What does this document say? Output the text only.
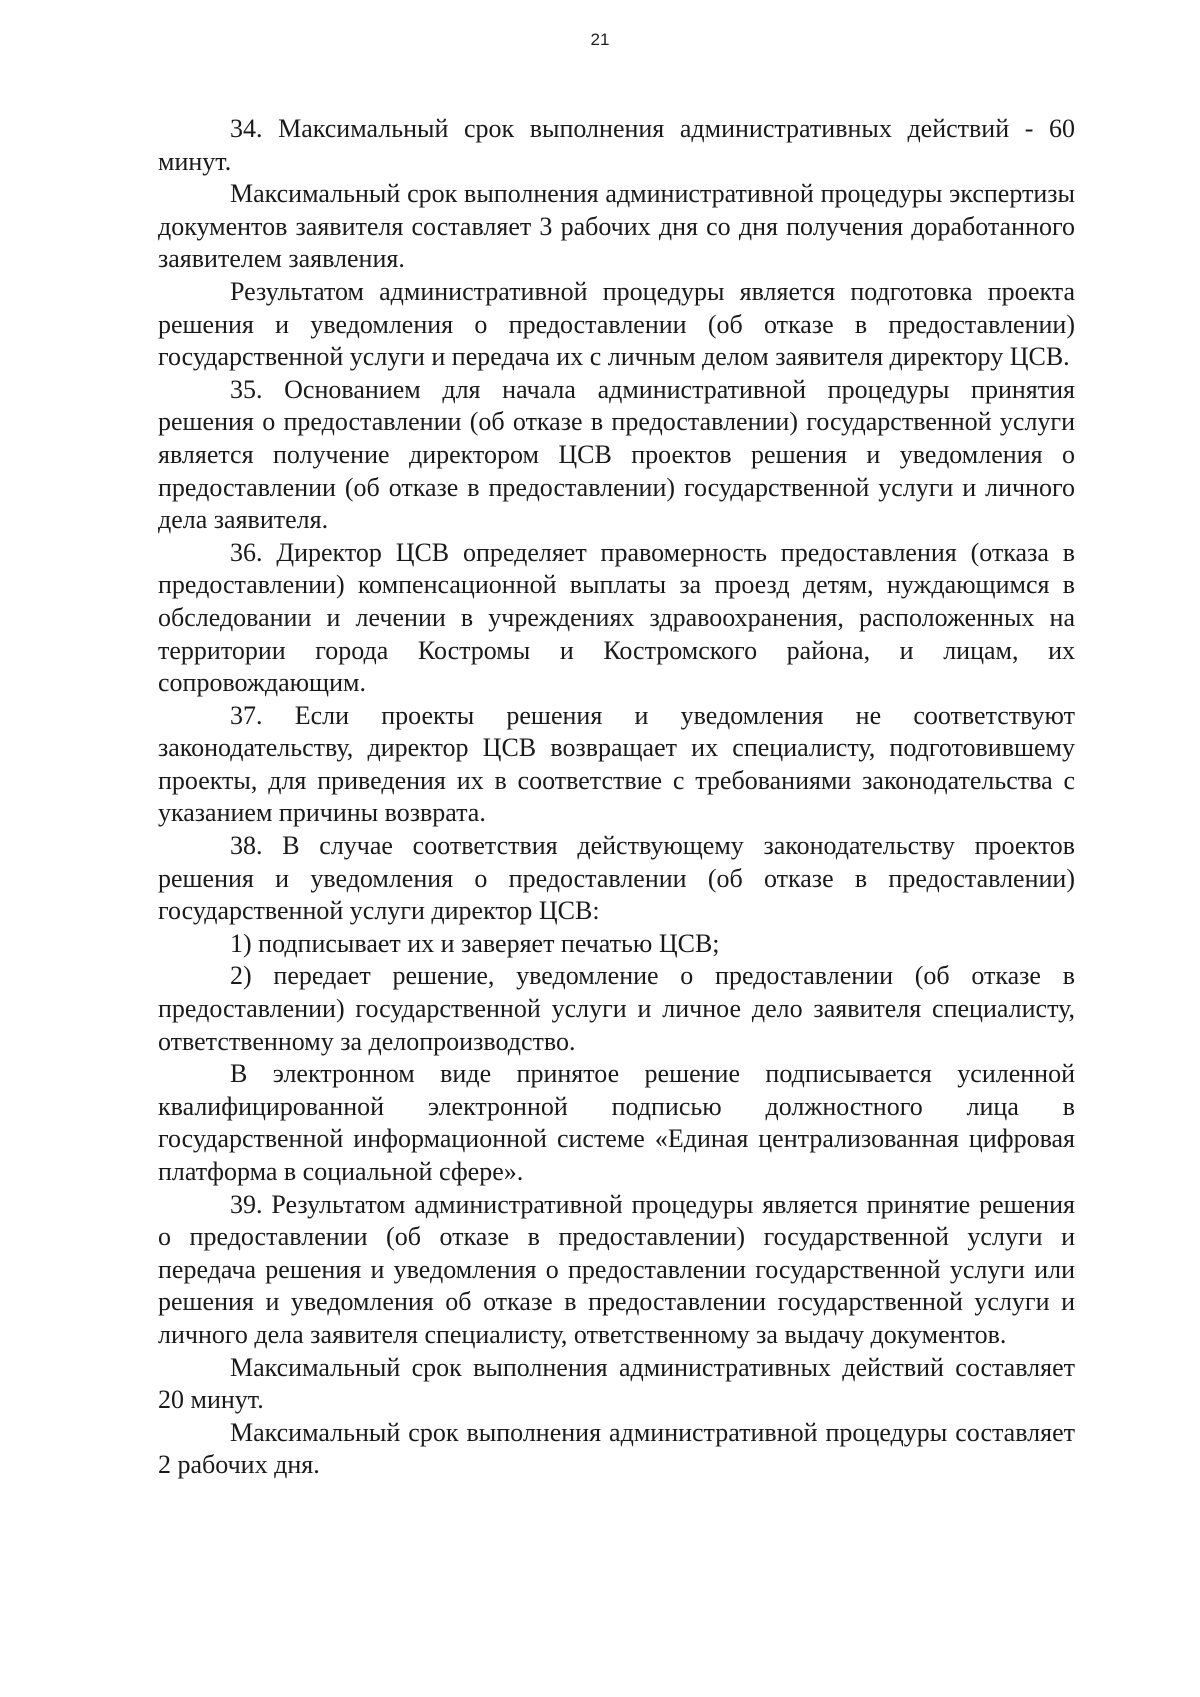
21

34. Максимальный срок выполнения административных действий - 60 минут.

Максимальный срок выполнения административной процедуры экспертизы документов заявителя составляет 3 рабочих дня со дня получения доработанного заявителем заявления.

Результатом административной процедуры является подготовка проекта решения и уведомления о предоставлении (об отказе в предоставлении) государственной услуги и передача их с личным делом заявителя директору ЦСВ.

35. Основанием для начала административной процедуры принятия решения о предоставлении (об отказе в предоставлении) государственной услуги является получение директором ЦСВ проектов решения и уведомления о предоставлении (об отказе в предоставлении) государственной услуги и личного дела заявителя.

36. Директор ЦСВ определяет правомерность предоставления (отказа в предоставлении) компенсационной выплаты за проезд детям, нуждающимся в обследовании и лечении в учреждениях здравоохранения, расположенных на территории города Костромы и Костромского района, и лицам, их сопровождающим.

37. Если проекты решения и уведомления не соответствуют законодательству, директор ЦСВ возвращает их специалисту, подготовившему проекты, для приведения их в соответствие с требованиями законодательства с указанием причины возврата.

38. В случае соответствия действующему законодательству проектов решения и уведомления о предоставлении (об отказе в предоставлении) государственной услуги директор ЦСВ:

1) подписывает их и заверяет печатью ЦСВ;

2) передает решение, уведомление о предоставлении (об отказе в предоставлении) государственной услуги и личное дело заявителя специалисту, ответственному за делопроизводство.

В электронном виде принятое решение подписывается усиленной квалифицированной электронной подписью должностного лица в государственной информационной системе «Единая централизованная цифровая платформа в социальной сфере».

39. Результатом административной процедуры является принятие решения о предоставлении (об отказе в предоставлении) государственной услуги и передача решения и уведомления о предоставлении государственной услуги или решения и уведомления об отказе в предоставлении государственной услуги и личного дела заявителя специалисту, ответственному за выдачу документов.

Максимальный срок выполнения административных действий составляет 20 минут.

Максимальный срок выполнения административной процедуры составляет 2 рабочих дня.
